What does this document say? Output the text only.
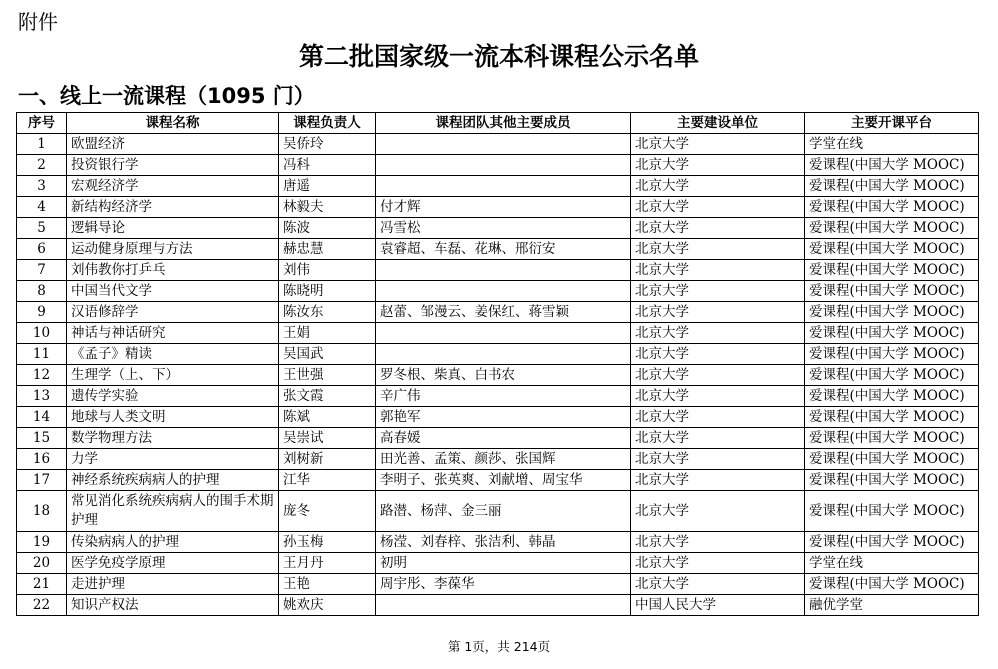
附件
第二批国家级一流本科课程公示名单
一、线上一流课程（1095 门）
序号	课程名称	课程负责人	课程团队其他主要成员	主要建设单位	主要开课平台
1	欧盟经济	吴侨玲		北京大学	学堂在线
2	投资银行学	冯科		北京大学	爱课程(中国大学 MOOC)
3	宏观经济学	唐遥		北京大学	爱课程(中国大学 MOOC)
4	新结构经济学	林毅夫	付才辉	北京大学	爱课程(中国大学 MOOC)
5	逻辑导论	陈波	冯雪松	北京大学	爱课程(中国大学 MOOC)
6	运动健身原理与方法	赫忠慧	袁睿超、车磊、花琳、邢衍安	北京大学	爱课程(中国大学 MOOC)
7	刘伟教你打乒乓	刘伟		北京大学	爱课程(中国大学 MOOC)
8	中国当代文学	陈晓明		北京大学	爱课程(中国大学 MOOC)
9	汉语修辞学	陈汝东	赵蕾、邹漫云、姜保红、蒋雪颖	北京大学	爱课程(中国大学 MOOC)
10	神话与神话研究	王娟		北京大学	爱课程(中国大学 MOOC)
11	《孟子》精读	吴国武		北京大学	爱课程(中国大学 MOOC)
12	生理学（上、下）	王世强	罗冬根、柴真、白书农	北京大学	爱课程(中国大学 MOOC)
13	遗传学实验	张文霞	辛广伟	北京大学	爱课程(中国大学 MOOC)
14	地球与人类文明	陈斌	郭艳军	北京大学	爱课程(中国大学 MOOC)
15	数学物理方法	吴崇试	高春媛	北京大学	爱课程(中国大学 MOOC)
16	力学	刘树新	田光善、孟策、颜莎、张国辉	北京大学	爱课程(中国大学 MOOC)
17	神经系统疾病病人的护理	江华	李明子、张英爽、刘献增、周宝华	北京大学	爱课程(中国大学 MOOC)
18	常见消化系统疾病病人的围手术期护理	庞冬	路潜、杨萍、金三丽	北京大学	爱课程(中国大学 MOOC)
19	传染病病人的护理	孙玉梅	杨滢、刘春梓、张洁利、韩晶	北京大学	爱课程(中国大学 MOOC)
20	医学免疫学原理	王月丹	初明	北京大学	学堂在线
21	走进护理	王艳	周宇彤、李葆华	北京大学	爱课程(中国大学 MOOC)
22	知识产权法	姚欢庆		中国人民大学	融优学堂
第 1页，共 214页
